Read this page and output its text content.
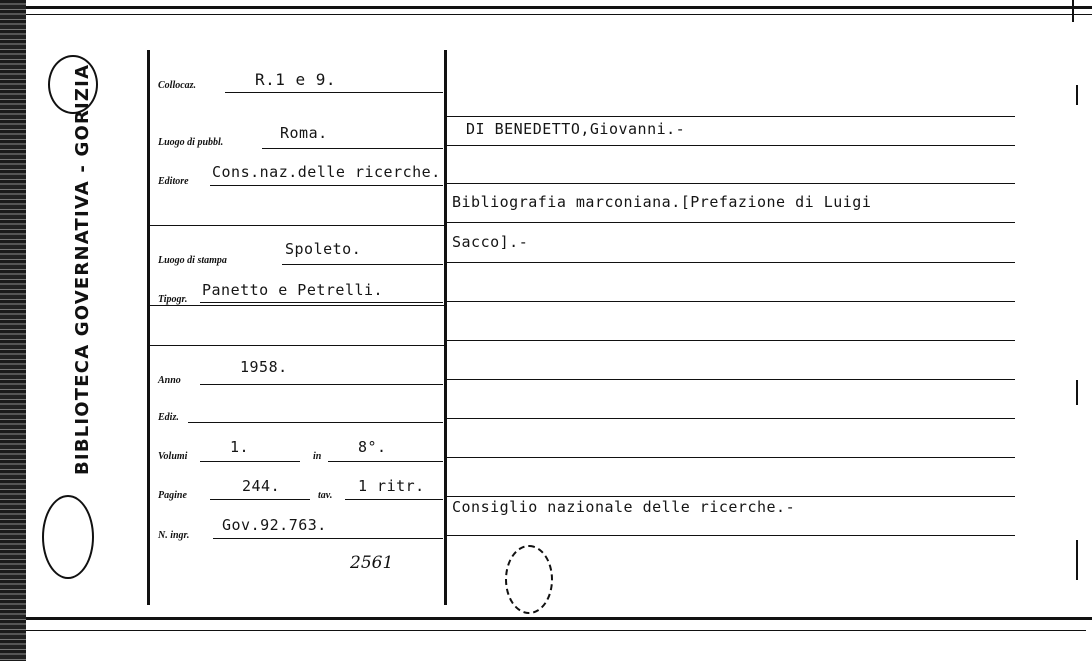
BIBLIOTECA GOVERNATIVA - GORIZIA	Collocaz.	R.1 e 9.
Luogo di pubbl.
Roma.
Editore
Cons.naz.delle ricerche.
Luogo di stampa
Spoleto.
Tipogr.
Panetto e Petrelli.
Anno
1958.
Ediz.
Volumi
1.
in
8°.
Pagine
244.
tav.
1 ritr.
N. ingr.
Gov.92.763.
2561
DI BENEDETTO,Giovanni.-
Bibliografia marconiana.[Prefazione di Luigi
Sacco].-
Consiglio nazionale delle ricerche.-
